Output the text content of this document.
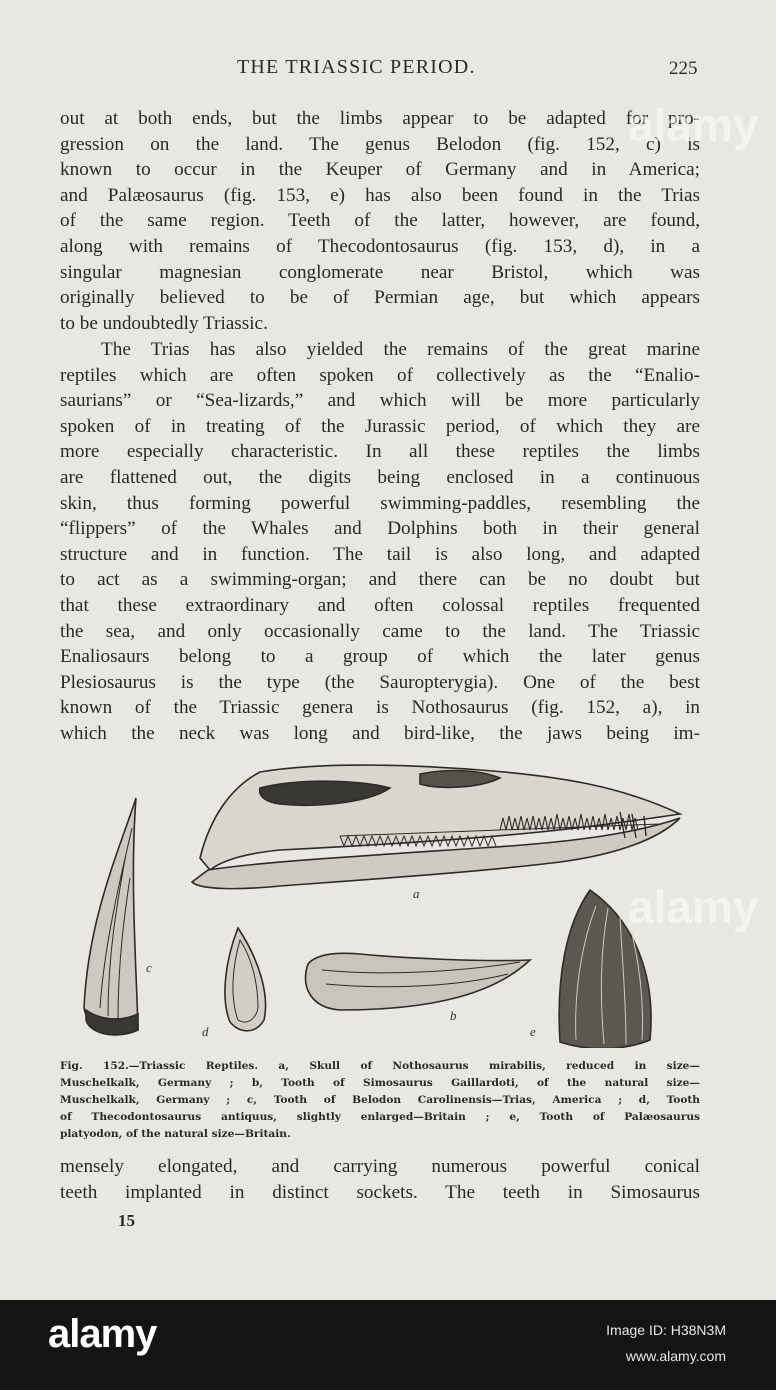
THE TRIASSIC PERIOD.	225
out at both ends, but the limbs appear to be adapted for pro-
gression on the land. The genus Belodon (fig. 152, c) is
known to occur in the Keuper of Germany and in America;
and Palæosaurus (fig. 153, e) has also been found in the Trias
of the same region. Teeth of the latter, however, are found,
along with remains of Thecodontosaurus (fig. 153, d), in a
singular magnesian conglomerate near Bristol, which was
originally believed to be of Permian age, but which appears
to be undoubtedly Triassic.
The Trias has also yielded the remains of the great marine
reptiles which are often spoken of collectively as the “Enalio-
saurians” or “Sea-lizards,” and which will be more particularly
spoken of in treating of the Jurassic period, of which they are
more especially characteristic. In all these reptiles the limbs
are flattened out, the digits being enclosed in a continuous
skin, thus forming powerful swimming-paddles, resembling the
“flippers” of the Whales and Dolphins both in their general
structure and in function. The tail is also long, and adapted
to act as a swimming-organ; and there can be no doubt but
that these extraordinary and often colossal reptiles frequented
the sea, and only occasionally came to the land. The Triassic
Enaliosaurs belong to a group of which the later genus
Plesiosaurus is the type (the Sauropterygia). One of the best
known of the Triassic genera is Nothosaurus (fig. 152, a), in
which the neck was long and bird-like, the jaws being im-
a
b
c
d	e
Fig. 152.—Triassic Reptiles. a, Skull of Nothosaurus mirabilis, reduced in size—
Muschelkalk, Germany ; b, Tooth of Simosaurus Gaillardoti, of the natural size—
Muschelkalk, Germany ; c, Tooth of Belodon Carolinensis—Trias, America ; d, Tooth
of Thecodontosaurus antiquus, slightly enlarged—Britain ; e, Tooth of Palæosaurus
platyodon, of the natural size—Britain.
mensely elongated, and carrying numerous powerful conical
teeth implanted in distinct sockets. The teeth in Simosaurus
15
alamy
alamy
alamy	Image ID: H38N3M
www.alamy.com
